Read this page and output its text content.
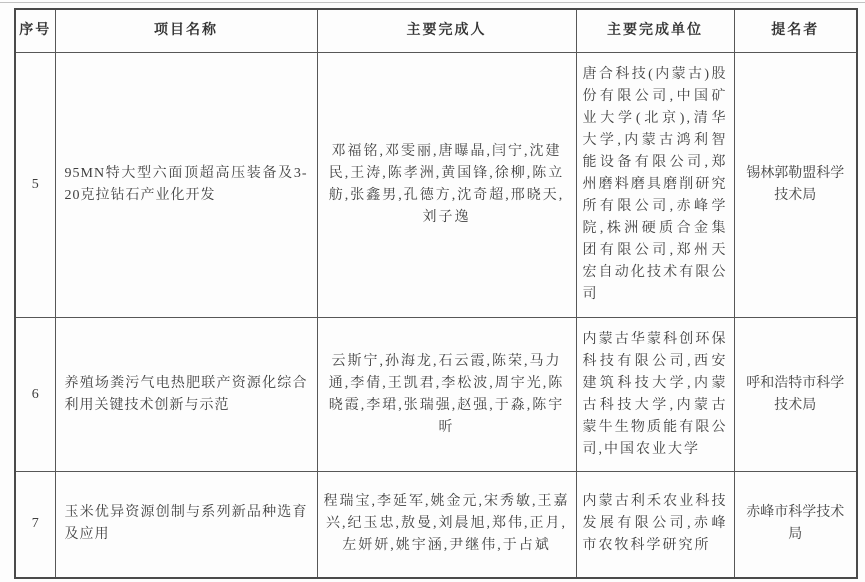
序号	项目名称	主要完成人	主要完成单位	提名者
5	95MN特大型六面顶超高压装备及3-20克拉钻石产业化开发	邓福铭,邓雯丽,唐曝晶,闫宁,沈建民,王涛,陈孝洲,黄国锋,徐柳,陈立舫,张鑫男,孔德方,沈奇超,邢晓天,刘子逸	唐合科技(内蒙古)股份有限公司,中国矿业大学(北京),清华大学,内蒙古鸿利智能设备有限公司,郑州磨料磨具磨削研究所有限公司,赤峰学院,株洲硬质合金集团有限公司,郑州天宏自动化技术有限公司	锡林郭勒盟科学技术局
6	养殖场粪污气电热肥联产资源化综合利用关键技术创新与示范	云斯宁,孙海龙,石云霞,陈荣,马力通,李倩,王凯君,李松波,周宇光,陈晓霞,李珺,张瑞强,赵强,于淼,陈宇昕	内蒙古华蒙科创环保科技有限公司,西安建筑科技大学,内蒙古科技大学,内蒙古蒙牛生物质能有限公司,中国农业大学	呼和浩特市科学技术局
7	玉米优异资源创制与系列新品种选育及应用	程瑞宝,李延军,姚金元,宋秀敏,王嘉兴,纪玉忠,敖曼,刘晨旭,郑伟,正月,左妍妍,姚宇涵,尹继伟,于占斌	内蒙古利禾农业科技发展有限公司,赤峰市农牧科学研究所	赤峰市科学技术局
